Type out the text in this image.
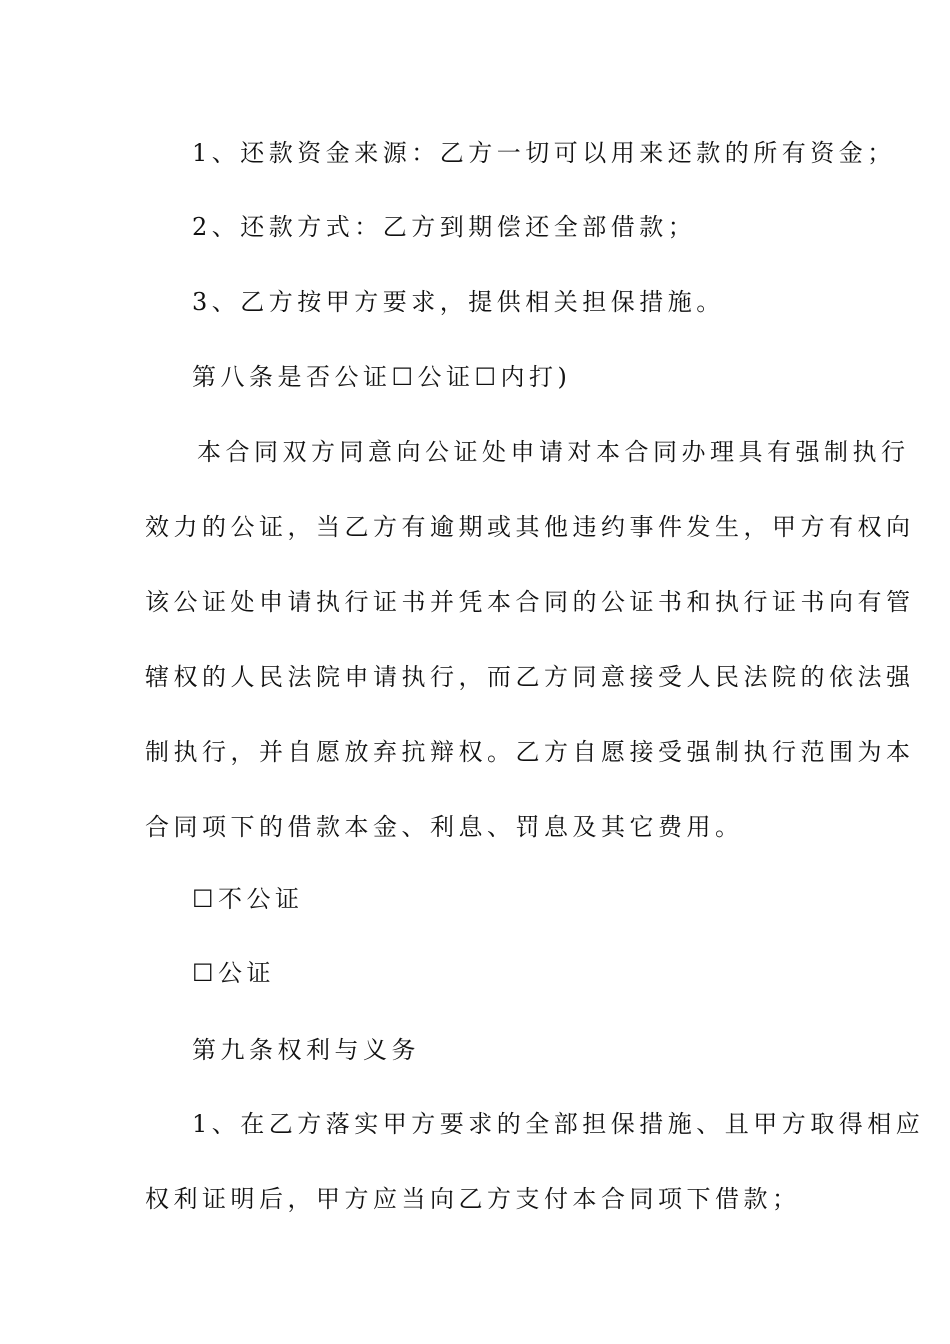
1、还款资金来源：乙方一切可以用来还款的所有资金；
2、还款方式：乙方到期偿还全部借款；
3、乙方按甲方要求，提供相关担保措施。
第八条是否公证☐公证☐内打)
本合同双方同意向公证处申请对本合同办理具有强制执行
效力的公证，当乙方有逾期或其他违约事件发生，甲方有权向
该公证处申请执行证书并凭本合同的公证书和执行证书向有管
辖权的人民法院申请执行，而乙方同意接受人民法院的依法强
制执行，并自愿放弃抗辩权。乙方自愿接受强制执行范围为本
合同项下的借款本金、利息、罚息及其它费用。
☐不公证
☐公证
第九条权利与义务
1、在乙方落实甲方要求的全部担保措施、且甲方取得相应
权利证明后，甲方应当向乙方支付本合同项下借款；
